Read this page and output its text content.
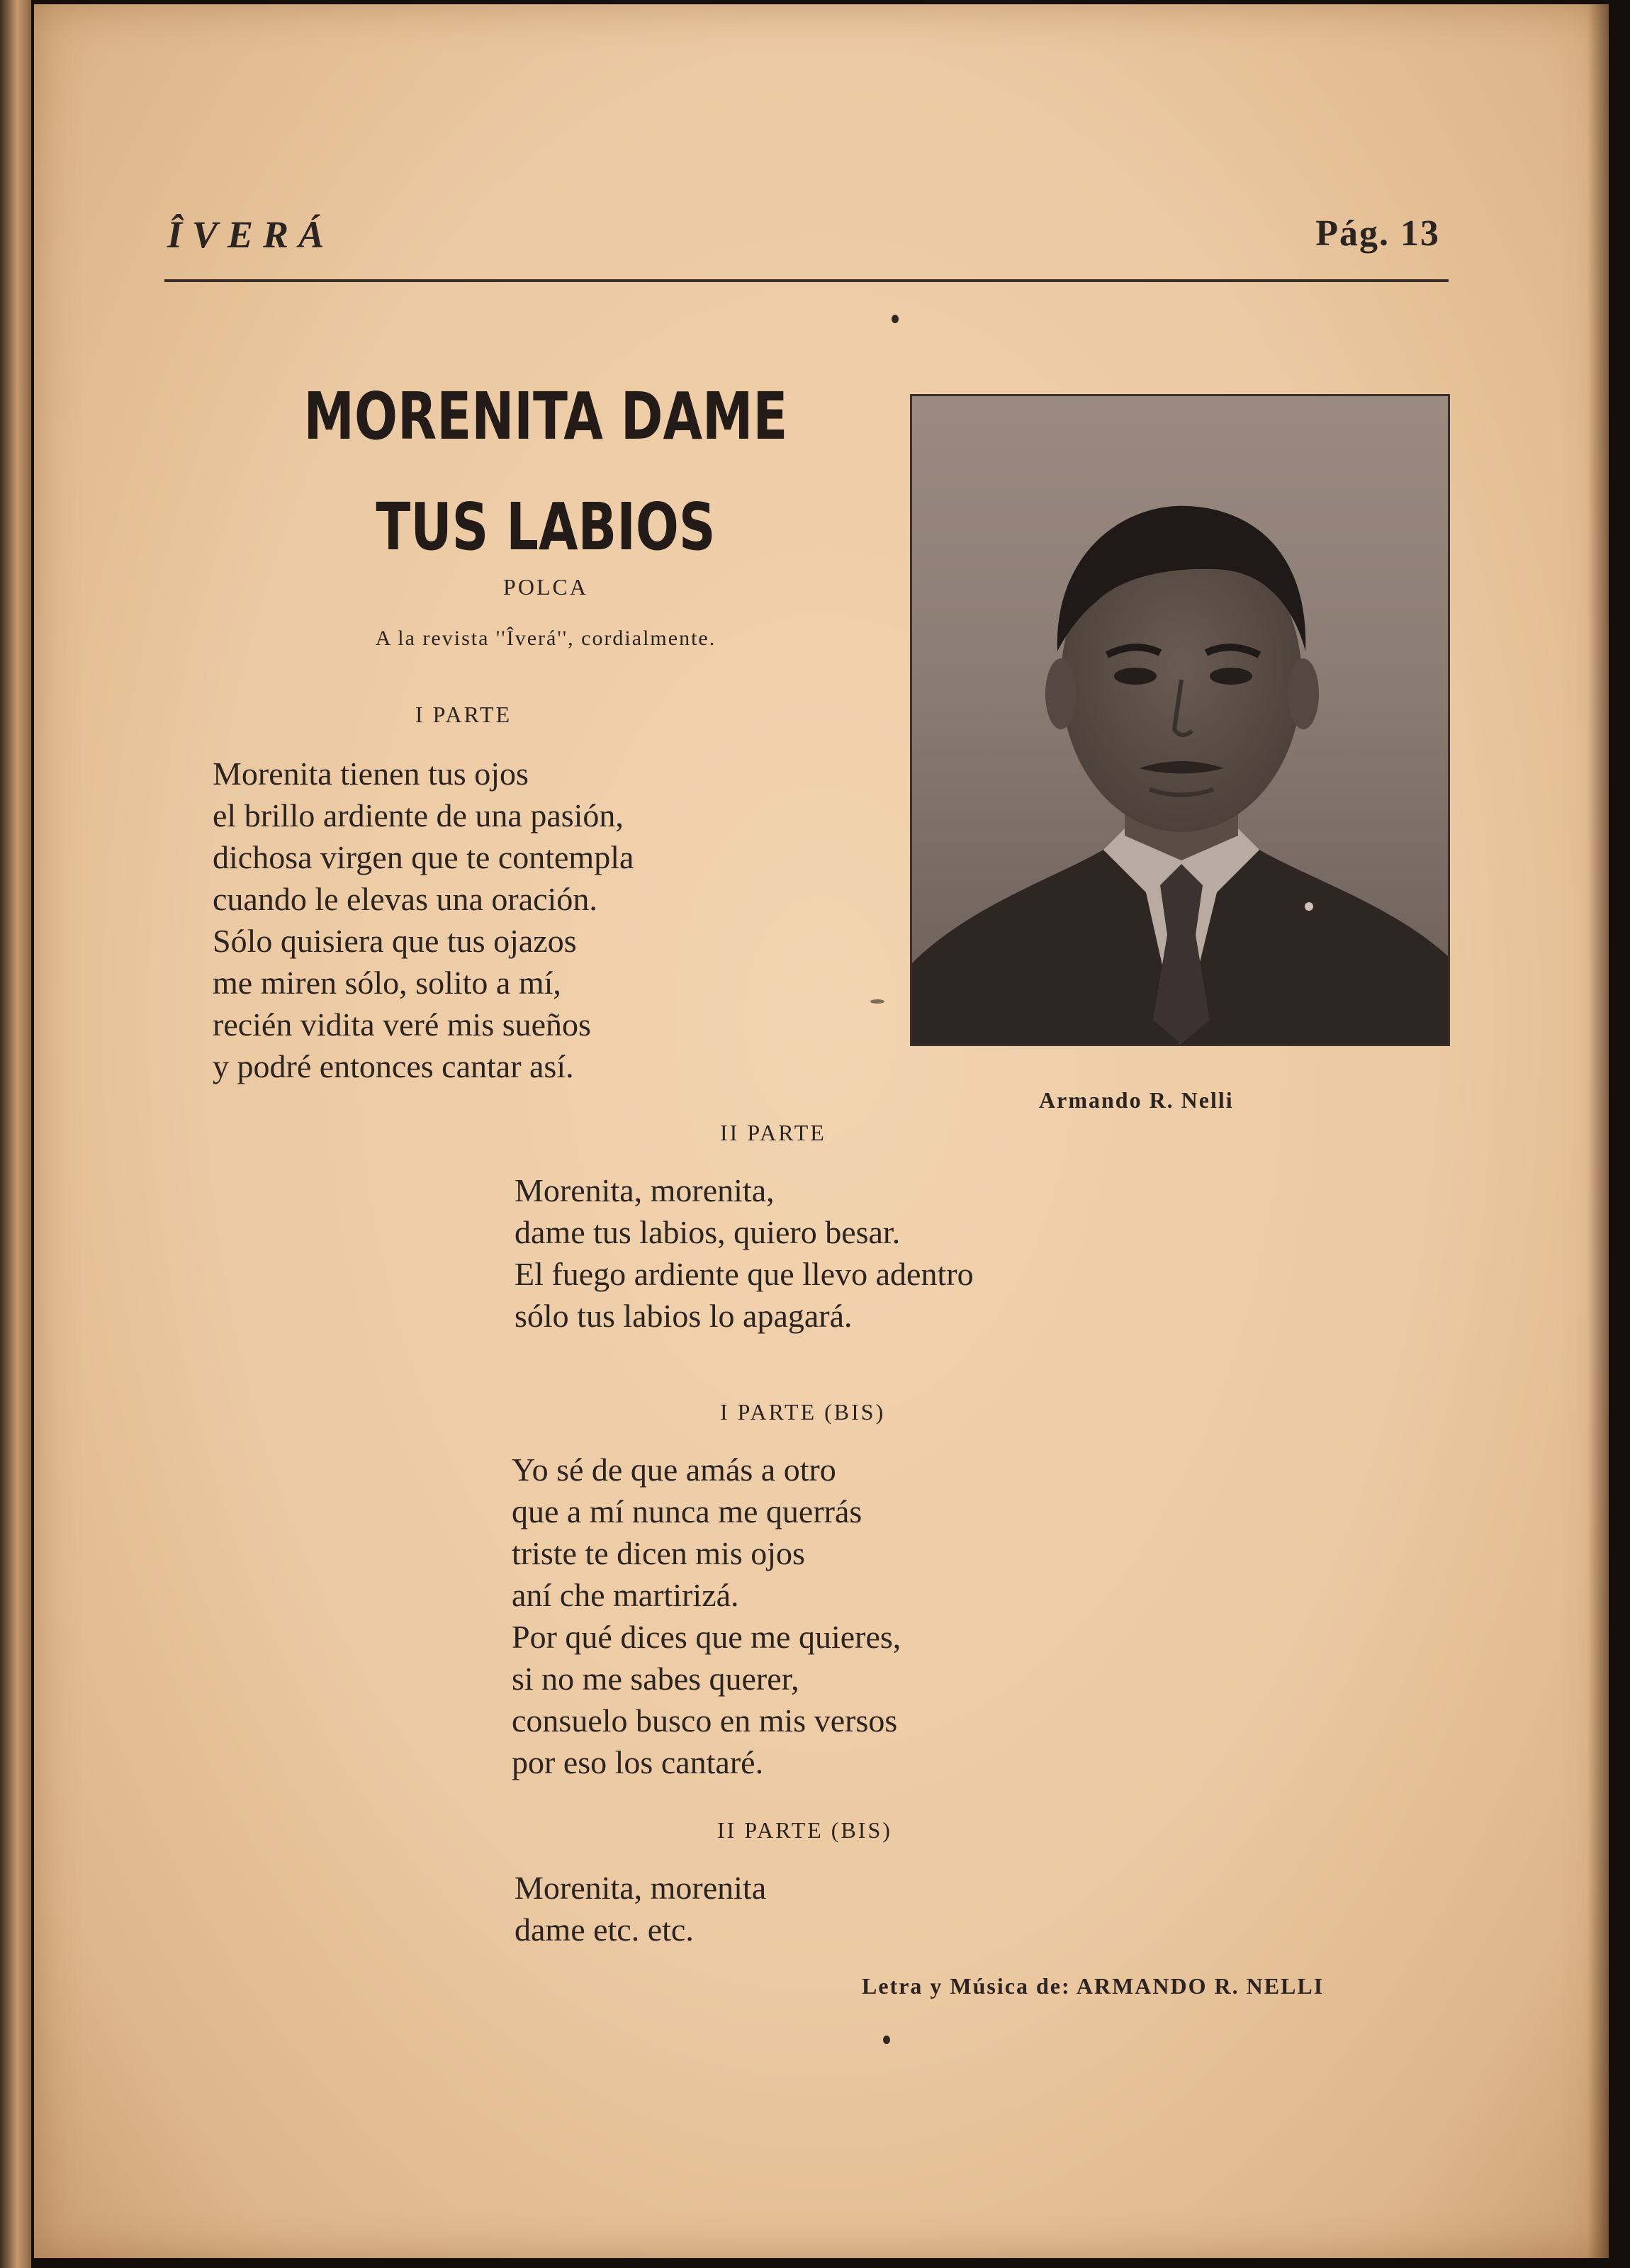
ÎVERÁ	Pág. 13
MORENITA DAME
TUS LABIOS
POLCA
A la revista ''Îverá'', cordialmente.
I PARTE
Morenita tienen tus ojos
el brillo ardiente de una pasión,
dichosa virgen que te contempla
cuando le elevas una oración.
Sólo quisiera que tus ojazos
me miren sólo, solito a mí,
recién vidita veré mis sueños
y podré entonces cantar así.
Armando R. Nelli
II PARTE
Morenita, morenita,
dame tus labios, quiero besar.
El fuego ardiente que llevo adentro
sólo tus labios lo apagará.
I PARTE (BIS)
Yo sé de que amás a otro
que a mí nunca me querrás
triste te dicen mis ojos
aní che martirizá.
Por qué dices que me quieres,
si no me sabes querer,
consuelo busco en mis versos
por eso los cantaré.
II PARTE (BIS)
Morenita, morenita
dame etc. etc.
Letra y Música de: ARMANDO R. NELLI
